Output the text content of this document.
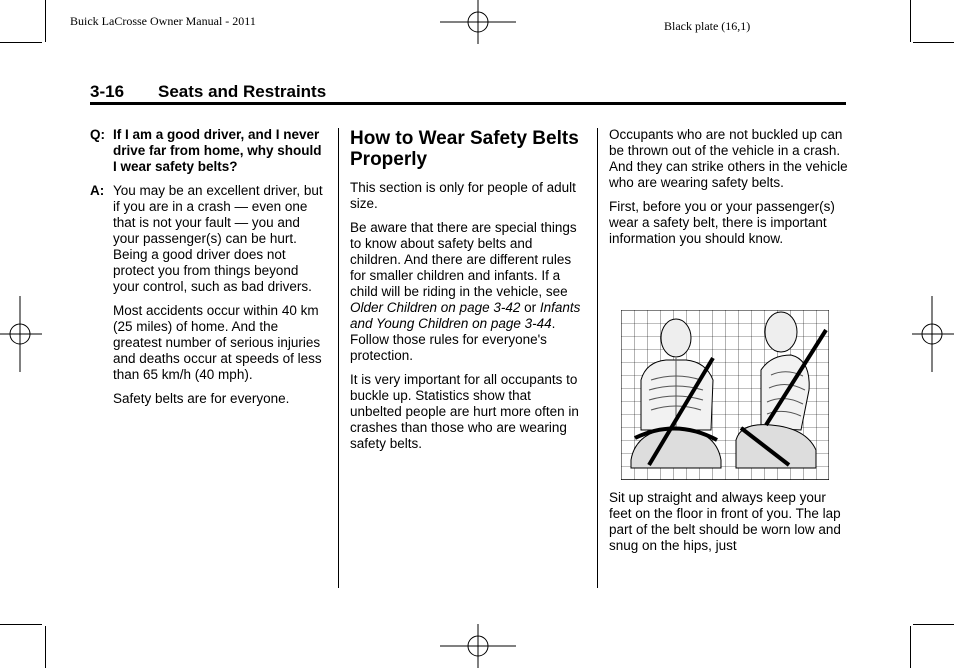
Buick LaCrosse Owner Manual - 2011	Black plate (16,1)
3-16 Seats and Restraints
Q: If I am a good driver, and I never drive far from home, why should I wear safety belts?
A: You may be an excellent driver, but if you are in a crash — even one that is not your fault — you and your passenger(s) can be hurt. Being a good driver does not protect you from things beyond your control, such as bad drivers.

Most accidents occur within 40 km (25 miles) of home. And the greatest number of serious injuries and deaths occur at speeds of less than 65 km/h (40 mph).

Safety belts are for everyone.

How to Wear Safety Belts Properly

This section is only for people of adult size.

Be aware that there are special things to know about safety belts and children. And there are different rules for smaller children and infants. If a child will be riding in the vehicle, see Older Children on page 3-42 or Infants and Young Children on page 3-44. Follow those rules for everyone's protection.

It is very important for all occupants to buckle up. Statistics show that unbelted people are hurt more often in crashes than those who are wearing safety belts.

Occupants who are not buckled up can be thrown out of the vehicle in a crash. And they can strike others in the vehicle who are wearing safety belts.

First, before you or your passenger(s) wear a safety belt, there is important information you should know.

Sit up straight and always keep your feet on the floor in front of you. The lap part of the belt should be worn low and snug on the hips, just
